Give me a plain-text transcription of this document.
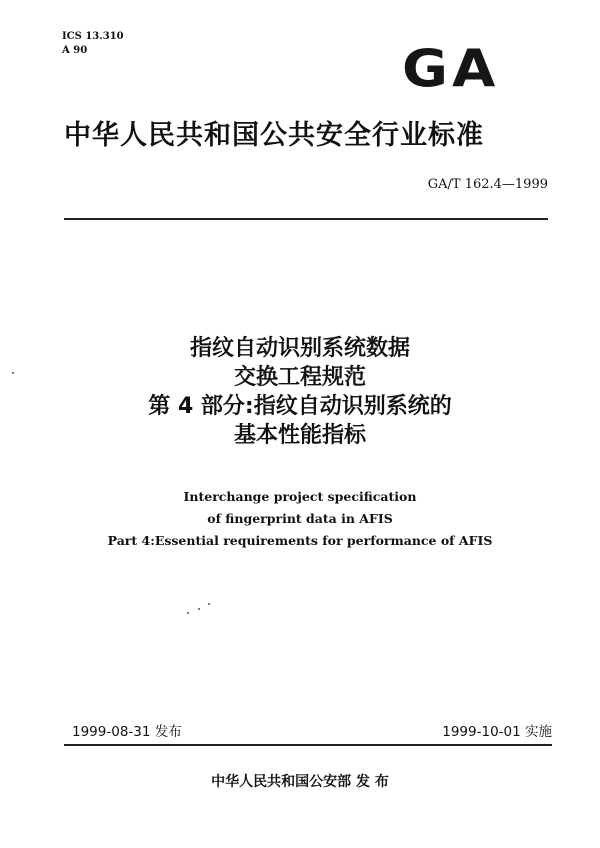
ICS 13.310
A 90	GA
中华人民共和国公共安全行业标准
GA/T 162.4—1999
指纹自动识别系统数据
交换工程规范
第 4 部分:指纹自动识别系统的
基本性能指标
Interchange project specification
of fingerprint data in AFIS
Part 4:Essential requirements for performance of AFIS
1999-08-31 发布	1999-10-01 实施
中华人民共和国公安部 发 布
